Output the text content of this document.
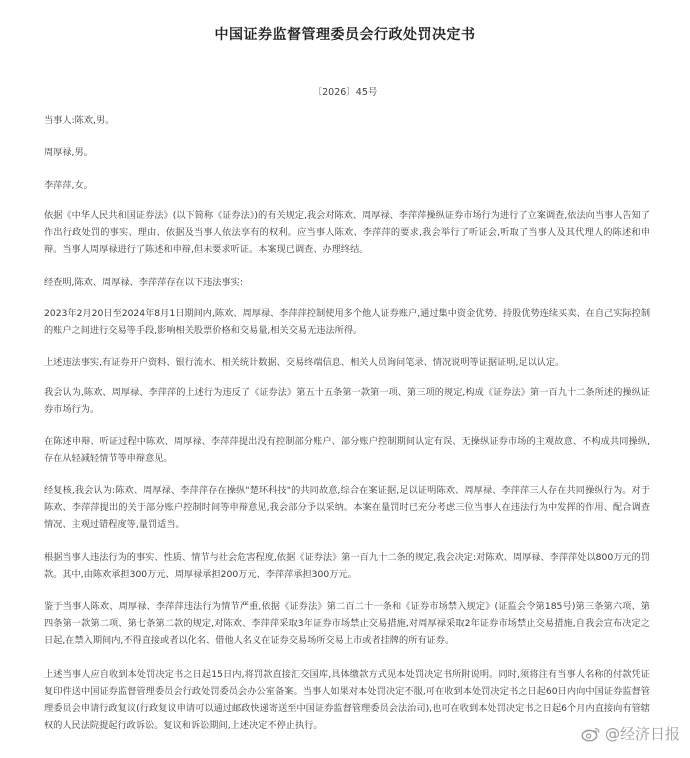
中国证券监督管理委员会行政处罚决定书
〔2026〕45号

当事人:陈欢,男。

周厚禄,男。

李萍萍,女。

依据《中华人民共和国证券法》(以下简称《证券法》)的有关规定,我会对陈欢、周厚禄、李萍萍操纵证券市场行为进行了立案调查,依法向当事人告知了作出行政处罚的事实、理由、依据及当事人依法享有的权利。应当事人陈欢、李萍萍的要求,我会举行了听证会,听取了当事人及其代理人的陈述和申辩。当事人周厚禄进行了陈述和申辩,但未要求听证。本案现已调查、办理终结。

经查明,陈欢、周厚禄、李萍萍存在以下违法事实:

2023年2月20日至2024年8月1日期间内,陈欢、周厚禄、李萍萍控制使用多个他人证券账户,通过集中资金优势、持股优势连续买卖、在自己实际控制的账户之间进行交易等手段,影响相关股票价格和交易量,相关交易无违法所得。

上述违法事实,有证券开户资料、银行流水、相关统计数据、交易终端信息、相关人员询问笔录、情况说明等证据证明,足以认定。

我会认为,陈欢、周厚禄、李萍萍的上述行为违反了《证券法》第五十五条第一款第一项、第三项的规定,构成《证券法》第一百九十二条所述的操纵证券市场行为。

在陈述申辩、听证过程中陈欢、周厚禄、李萍萍提出没有控制部分账户、部分账户控制期间认定有误、无操纵证券市场的主观故意、不构成共同操纵,存在从轻减轻情节等申辩意见。

经复核,我会认为:陈欢、周厚禄、李萍萍存在操纵"楚环科技"的共同故意,综合在案证据,足以证明陈欢、周厚禄、李萍萍三人存在共同操纵行为。对于陈欢、李萍萍提出的关于部分账户控制时间等申辩意见,我会部分予以采纳。本案在量罚时已充分考虑三位当事人在违法行为中发挥的作用、配合调查情况、主观过错程度等,量罚适当。

根据当事人违法行为的事实、性质、情节与社会危害程度,依据《证券法》第一百九十二条的规定,我会决定:对陈欢、周厚禄、李萍萍处以800万元的罚款。其中,由陈欢承担300万元、周厚禄承担200万元、李萍萍承担300万元。

鉴于当事人陈欢、周厚禄、李萍萍违法行为情节严重,依据《证券法》第二百二十一条和《证券市场禁入规定》(证监会令第185号)第三条第六项、第四条第一款第二项、第七条第二款的规定,对陈欢、李萍萍采取3年证券市场禁止交易措施,对周厚禄采取2年证券市场禁止交易措施,自我会宣布决定之日起,在禁入期间内,不得直接或者以化名、借他人名义在证券交易场所交易上市或者挂牌的所有证券。

上述当事人应自收到本处罚决定书之日起15日内,将罚款直接汇交国库,具体缴款方式见本处罚决定书所附说明。同时,须将注有当事人名称的付款凭证复印件送中国证券监督管理委员会行政处罚委员会办公室备案。当事人如果对本处罚决定不服,可在收到本处罚决定书之日起60日内向中国证券监督管理委员会申请行政复议(行政复议申请可以通过邮政快递寄送至中国证券监督管理委员会法治司),也可在收到本处罚决定书之日起6个月内直接向有管辖权的人民法院提起行政诉讼。复议和诉讼期间,上述决定不停止执行。	@经济日报
